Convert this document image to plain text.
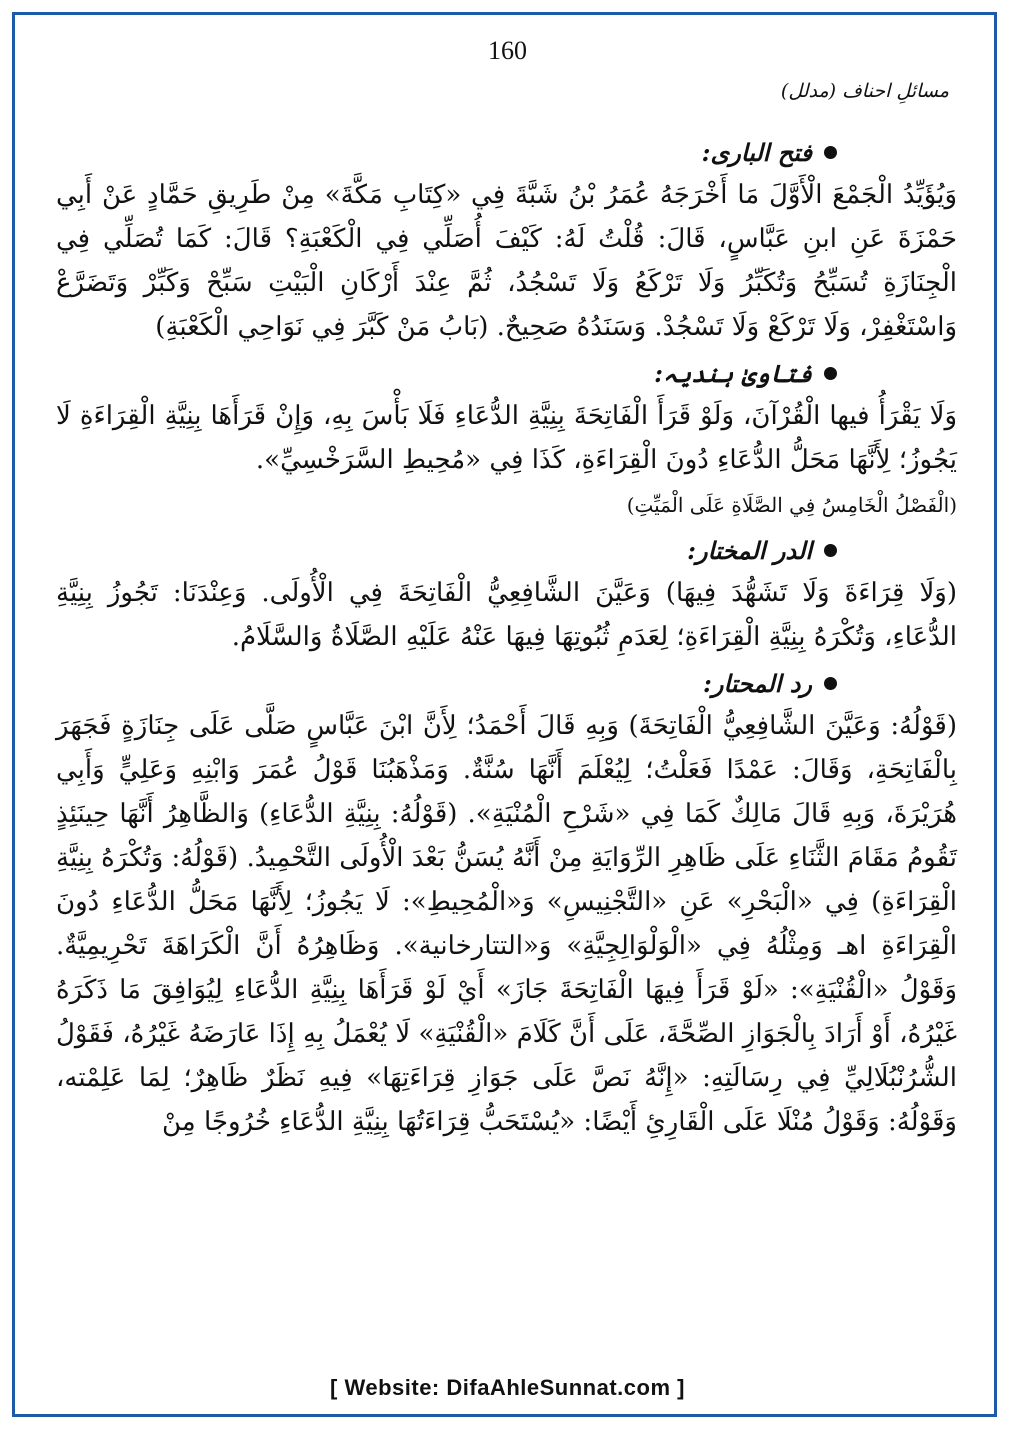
160
مسائلِ احناف (مدلل)
فتح الباری:

وَيُؤَيِّدُ الْجَمْعَ الْأَوَّلَ مَا أَخْرَجَهُ عُمَرُ بْنُ شَبَّةَ فِي «كِتَابِ مَكَّةَ» مِنْ طَرِيقِ حَمَّادٍ عَنْ أَبِي حَمْزَةَ عَنِ ابنِ عَبَّاسٍ، قَالَ: قُلْتُ لَهُ: كَيْفَ أُصَلِّي فِي الْكَعْبَةِ؟ قَالَ: كَمَا تُصَلِّي فِي الْجِنَازَةِ تُسَبِّحُ وَتُكَبِّرُ وَلَا تَرْكَعُ وَلَا تَسْجُدُ، ثُمَّ عِنْدَ أَرْكَانِ الْبَيْتِ سَبِّحْ وَكَبِّرْ وَتَضَرَّعْ وَاسْتَغْفِرْ، وَلَا تَرْكَعْ وَلَا تَسْجُدْ. وَسَنَدُهُ صَحِيحٌ. (بَابُ مَنْ كَبَّرَ فِي نَوَاحِي الْكَعْبَةِ)

فتاویٰ ہندیہ:

وَلَا يَقْرَأُ فيها الْقُرْآنَ، وَلَوْ قَرَأَ الْفَاتِحَةَ بِنِيَّةِ الدُّعَاءِ فَلَا بَأْسَ بِهِ، وَإِنْ قَرَأَهَا بِنِيَّةِ الْقِرَاءَةِ لَا يَجُوزُ؛ لِأَنَّهَا مَحَلُّ الدُّعَاءِ دُونَ الْقِرَاءَةِ، كَذَا فِي «مُحِيطِ السَّرَخْسِيِّ».

(الْفَصْلُ الْخَامِسُ فِي الصَّلَاةِ عَلَى الْمَيِّتِ)

الدر المختار:

(وَلَا قِرَاءَةَ وَلَا تَشَهُّدَ فِيهَا) وَعَيَّنَ الشَّافِعِيُّ الْفَاتِحَةَ فِي الْأُولَى. وَعِنْدَنَا: تَجُوزُ بِنِيَّةِ الدُّعَاءِ، وَتُكْرَهُ بِنِيَّةِ الْقِرَاءَةِ؛ لِعَدَمِ ثُبُوتِهَا فِيهَا عَنْهُ عَلَيْهِ الصَّلَاةُ وَالسَّلَامُ.

رد المحتار:

(قَوْلُهُ: وَعَيَّنَ الشَّافِعِيُّ الْفَاتِحَةَ) وَبِهِ قَالَ أَحْمَدُ؛ لِأَنَّ ابْنَ عَبَّاسٍ صَلَّى عَلَى جِنَازَةٍ فَجَهَرَ بِالْفَاتِحَةِ، وَقَالَ: عَمْدًا فَعَلْتُ؛ لِيُعْلَمَ أَنَّهَا سُنَّةٌ. وَمَذْهَبُنَا قَوْلُ عُمَرَ وَابْنِهِ وَعَلِيٍّ وَأَبِي هُرَيْرَةَ، وَبِهِ قَالَ مَالِكٌ كَمَا فِي «شَرْحِ الْمُنْيَةِ». (قَوْلُهُ: بِنِيَّةِ الدُّعَاءِ) وَالظَّاهِرُ أَنَّهَا حِينَئِذٍ تَقُومُ مَقَامَ الثَّنَاءِ عَلَى ظَاهِرِ الرِّوَايَةِ مِنْ أَنَّهُ يُسَنُّ بَعْدَ الْأُولَى التَّحْمِيدُ. (قَوْلُهُ: وَتُكْرَهُ بِنِيَّةِ الْقِرَاءَةِ) فِي «الْبَحْرِ» عَنِ «التَّجْنِيسِ» وَ«الْمُحِيطِ»: لَا يَجُوزُ؛ لِأَنَّهَا مَحَلُّ الدُّعَاءِ دُونَ الْقِرَاءَةِ اهـ وَمِثْلُهُ فِي «الْوَلْوَالِجِيَّةِ» وَ«التتارخانية». وَظَاهِرُهُ أَنَّ الْكَرَاهَةَ تَحْرِيمِيَّةٌ. وَقَوْلُ «الْقُنْيَةِ»: «لَوْ قَرَأَ فِيهَا الْفَاتِحَةَ جَازَ» أَيْ لَوْ قَرَأَهَا بِنِيَّةِ الدُّعَاءِ لِيُوَافِقَ مَا ذَكَرَهُ غَيْرُهُ، أَوْ أَرَادَ بِالْجَوَازِ الصِّحَّةَ، عَلَى أَنَّ كَلَامَ «الْقُنْيَةِ» لَا يُعْمَلُ بِهِ إِذَا عَارَضَهُ غَيْرُهُ، فَقَوْلُ الشُّرُنْبُلَالِيِّ فِي رِسَالَتِهِ: «إِنَّهُ نَصَّ عَلَى جَوَازِ قِرَاءَتِهَا» فِيهِ نَظَرٌ ظَاهِرٌ؛ لِمَا عَلِمْته، وَقَوْلُهُ: وَقَوْلُ مُنْلَا عَلَى الْقَارِئِ أَيْضًا: «يُسْتَحَبُّ قِرَاءَتُهَا بِنِيَّةِ الدُّعَاءِ خُرُوجًا مِنْ

[ Website: DifaAhleSunnat.com ]
